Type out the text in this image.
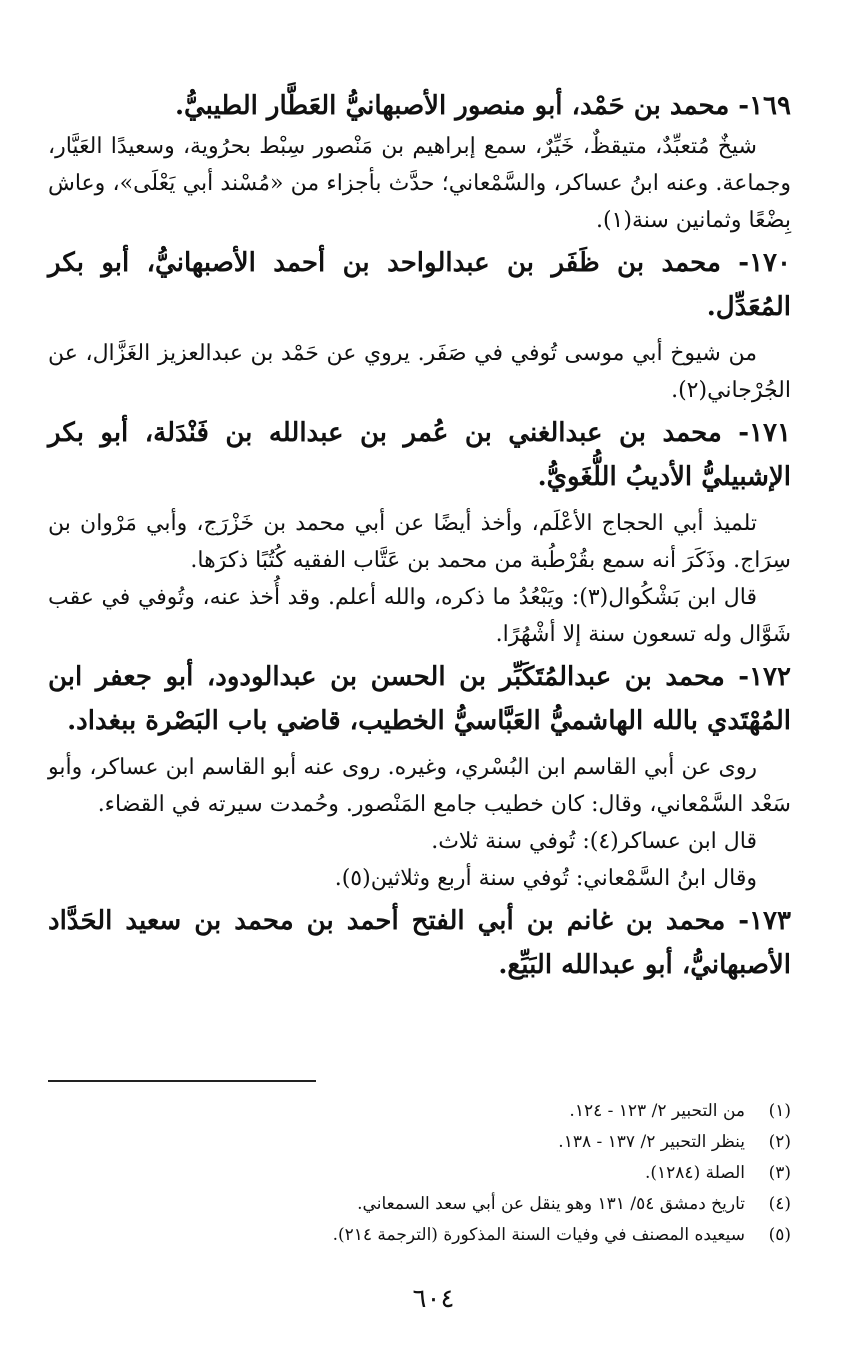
١٦٩- محمد بن حَمْد، أبو منصور الأصبهانيُّ العَطَّار الطيبيُّ.

شيخٌ مُتعبِّدٌ، متيقظٌ، خَيِّرٌ، سمع إبراهيم بن مَنْصور سِبْط بحرُوية، وسعيدًا العَيَّار، وجماعة. وعنه ابنُ عساكر، والسَّمْعاني؛ حدَّث بأجزاء من «مُسْند أبي يَعْلَى»، وعاش بِضْعًا وثمانين سنة(١).

١٧٠- محمد بن ظَفَر بن عبدالواحد بن أحمد الأصبهانيُّ، أبو بكر المُعَدِّل.

من شيوخ أبي موسى تُوفي في صَفَر. يروي عن حَمْد بن عبدالعزيز الغَزَّال، عن الجُرْجاني(٢).

١٧١- محمد بن عبدالغني بن عُمر بن عبدالله بن فَنْدَلة، أبو بكر الإشبيليُّ الأديبُ اللُّغَويُّ.

تلميذ أبي الحجاج الأعْلَم، وأخذ أيضًا عن أبي محمد بن خَزْرَج، وأبي مَرْوان بن سِرَاج. وذَكَرَ أنه سمع بقُرْطُبة من محمد بن عَتَّاب الفقيه كُتُبًا ذكرَها.

قال ابن بَشْكُوال(٣): ويَبْعُدُ ما ذكره، والله أعلم. وقد أُخذ عنه، وتُوفي في عقب شَوَّال وله تسعون سنة إلا أشْهُرًا.

١٧٢- محمد بن عبدالمُتَكَبِّر بن الحسن بن عبدالودود، أبو جعفر ابن المُهْتَدي بالله الهاشميُّ العَبَّاسيُّ الخطيب، قاضي باب البَصْرة ببغداد.

روى عن أبي القاسم ابن البُسْري، وغيره. روى عنه أبو القاسم ابن عساكر، وأبو سَعْد السَّمْعاني، وقال: كان خطيب جامع المَنْصور. وحُمدت سيرته في القضاء.

قال ابن عساكر(٤): تُوفي سنة ثلاث.

وقال ابنُ السَّمْعاني: تُوفي سنة أربع وثلاثين(٥).

١٧٣- محمد بن غانم بن أبي الفتح أحمد بن محمد بن سعيد الحَدَّاد الأصبهانيُّ، أبو عبدالله البَيِّع.

(١)
من التحبير ٢/ ١٢٣ - ١٢٤.
(٢)
ينظر التحبير ٢/ ١٣٧ - ١٣٨.
(٣)
الصلة (١٢٨٤).
(٤)
تاريخ دمشق ٥٤/ ١٣١ وهو ينقل عن أبي سعد السمعاني.
(٥)
سيعيده المصنف في وفيات السنة المذكورة (الترجمة ٢١٤).
٦٠٤
